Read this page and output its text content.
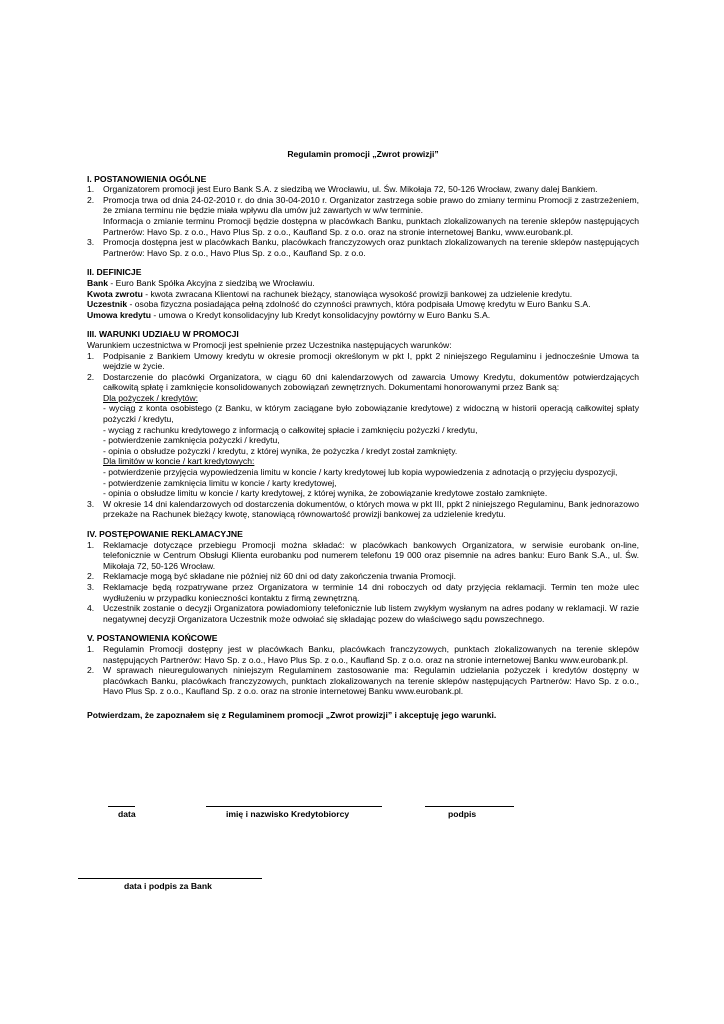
Regulamin promocji „Zwrot prowizji”
I. POSTANOWIENIA OGÓLNE
1.	Organizatorem promocji jest Euro Bank S.A. z siedzibą we Wrocławiu, ul. Św. Mikołaja 72, 50-126 Wrocław, zwany dalej Bankiem.
2.	Promocja trwa od dnia 24-02-2010 r. do dnia 30-04-2010 r. Organizator zastrzega sobie prawo do zmiany terminu Promocji z zastrzeżeniem, że zmiana terminu nie będzie miała wpływu dla umów już zawartych w w/w terminie.

Informacja o zmianie terminu Promocji będzie dostępna w placówkach Banku, punktach zlokalizowanych na terenie sklepów następujących Partnerów: Havo Sp. z o.o., Havo Plus Sp. z o.o., Kaufland Sp. z o.o. oraz na stronie internetowej Banku, www.eurobank.pl.

3.	Promocja dostępna jest w placówkach Banku, placówkach franczyzowych oraz punktach zlokalizowanych na terenie sklepów następujących Partnerów: Havo Sp. z o.o., Havo Plus Sp. z o.o., Kaufland Sp. z o.o.
II. DEFINICJE
Bank - Euro Bank Spółka Akcyjna z siedzibą we Wrocławiu.
Kwota zwrotu - kwota zwracana Klientowi na rachunek bieżący, stanowiąca wysokość prowizji bankowej za udzielenie kredytu.
Uczestnik - osoba fizyczna posiadająca pełną zdolność do czynności prawnych, która podpisała Umowę kredytu w Euro Banku S.A.
Umowa kredytu - umowa o Kredyt konsolidacyjny lub Kredyt konsolidacyjny powtórny w Euro Banku S.A.
III. WARUNKI UDZIAŁU W PROMOCJI
Warunkiem uczestnictwa w Promocji jest spełnienie przez Uczestnika następujących warunków:
1.	Podpisanie z Bankiem Umowy kredytu w okresie promocji określonym w pkt I, ppkt 2 niniejszego Regulaminu i jednocześnie Umowa ta wejdzie w życie.
2.	Dostarczenie do placówki Organizatora, w ciągu 60 dni kalendarzowych od zawarcia Umowy Kredytu, dokumentów potwierdzających całkowitą spłatę i zamknięcie konsolidowanych zobowiązań zewnętrznych. Dokumentami honorowanymi przez Bank są:

Dla pożyczek / kredytów:

- wyciąg z konta osobistego (z Banku, w którym zaciągane było zobowiązanie kredytowe) z widoczną w historii operacją całkowitej spłaty pożyczki / kredytu,

- wyciąg z rachunku kredytowego z informacją o całkowitej spłacie i zamknięciu pożyczki / kredytu,

- potwierdzenie zamknięcia pożyczki / kredytu,

- opinia o obsłudze pożyczki / kredytu, z której wynika, że pożyczka / kredyt został zamknięty.

Dla limitów w koncie / kart kredytowych:

- potwierdzenie przyjęcia wypowiedzenia limitu w koncie / karty kredytowej lub kopia wypowiedzenia z adnotacją o przyjęciu dyspozycji,

- potwierdzenie zamknięcia limitu w koncie / karty kredytowej,

- opinia o obsłudze limitu w koncie / karty kredytowej, z której wynika, że zobowiązanie kredytowe zostało zamknięte.

3.	W okresie 14 dni kalendarzowych od dostarczenia dokumentów, o których mowa w pkt III, ppkt 2 niniejszego Regulaminu, Bank jednorazowo przekaże na Rachunek bieżący kwotę, stanowiącą równowartość prowizji bankowej za udzielenie kredytu.
IV. POSTĘPOWANIE REKLAMACYJNE
1.	Reklamacje dotyczące przebiegu Promocji można składać: w placówkach bankowych Organizatora, w serwisie eurobank on-line, telefonicznie w Centrum Obsługi Klienta eurobanku pod numerem telefonu 19 000 oraz pisemnie na adres banku: Euro Bank S.A., ul. Św. Mikołaja 72, 50-126 Wrocław.
2.	Reklamacje mogą być składane nie później niż 60 dni od daty zakończenia trwania Promocji.
3.	Reklamacje będą rozpatrywane przez Organizatora w terminie 14 dni roboczych od daty przyjęcia reklamacji. Termin ten może ulec wydłużeniu w przypadku konieczności kontaktu z firmą zewnętrzną.
4.	Uczestnik zostanie o decyzji Organizatora powiadomiony telefonicznie lub listem zwykłym wysłanym na adres podany w reklamacji. W razie negatywnej decyzji Organizatora Uczestnik może odwołać się składając pozew do właściwego sądu powszechnego.
V. POSTANOWIENIA KOŃCOWE
1.	Regulamin Promocji dostępny jest w placówkach Banku, placówkach franczyzowych, punktach zlokalizowanych na terenie sklepów następujących Partnerów: Havo Sp. z o.o., Havo Plus Sp. z o.o., Kaufland Sp. z o.o. oraz na stronie internetowej Banku www.eurobank.pl.
2.	W sprawach nieuregulowanych niniejszym Regulaminem zastosowanie ma: Regulamin udzielania pożyczek i kredytów dostępny w placówkach Banku, placówkach franczyzowych, punktach zlokalizowanych na terenie sklepów następujących Partnerów: Havo Sp. z o.o., Havo Plus Sp. z o.o., Kaufland Sp. z o.o. oraz na stronie internetowej Banku www.eurobank.pl.
Potwierdzam, że zapoznałem się z Regulaminem promocji „Zwrot prowizji” i akceptuję jego warunki.
data	imię i nazwisko Kredytobiorcy	podpis
data i podpis za Bank
